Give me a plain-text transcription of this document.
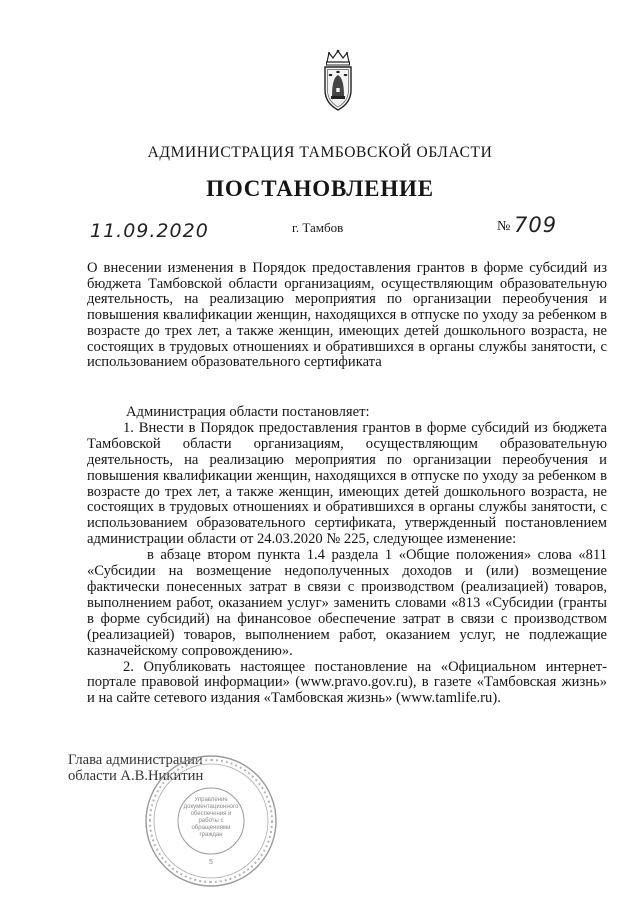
АДМИНИСТРАЦИЯ ТАМБОВСКОЙ ОБЛАСТИ
ПОСТАНОВЛЕНИЕ
11.09.2020	г. Тамбов	№ 709

О внесении изменения в Порядок предоставления грантов в форме субсидий из бюджета Тамбовской области организациям, осуществляющим образовательную деятельность, на реализацию мероприятия по организации переобучения и повышения квалификации женщин, находящихся в отпуске по уходу за ребенком в возрасте до трех лет, а также женщин, имеющих детей дошкольного возраста, не состоящих в трудовых отношениях и обратившихся в органы службы занятости, с использованием образовательного сертификата

Администрация области постановляет:

1. Внести в Порядок предоставления грантов в форме субсидий из бюджета Тамбовской области организациям, осуществляющим образовательную деятельность, на реализацию мероприятия по организации переобучения и повышения квалификации женщин, находящихся в отпуске по уходу за ребенком в возрасте до трех лет, а также женщин, имеющих детей дошкольного возраста, не состоящих в трудовых отношениях и обратившихся в органы службы занятости, с использованием образовательного сертификата, утвержденный постановлением администрации области от 24.03.2020 № 225, следующее изменение:

в абзаце втором пункта 1.4 раздела 1 «Общие положения» слова «811 «Субсидии на возмещение недополученных доходов и (или) возмещение фактически понесенных затрат в связи с производством (реализацией) товаров, выполнением работ, оказанием услуг» заменить словами «813 «Субсидии (гранты в форме субсидий) на финансовое обеспечение затрат в связи с производством (реализацией) товаров, выполнением работ, оказанием услуг, не подлежащие казначейскому сопровождению».

2. Опубликовать настоящее постановление на «Официальном интернет-портале правовой информации» (www.pravo.gov.ru), в газете «Тамбовская жизнь» и на сайте сетевого издания «Тамбовская жизнь» (www.tamlife.ru).

Глава администрации
области А.В.Никитин
Управление документационного обеспечения и работы с обращениями граждан
5
